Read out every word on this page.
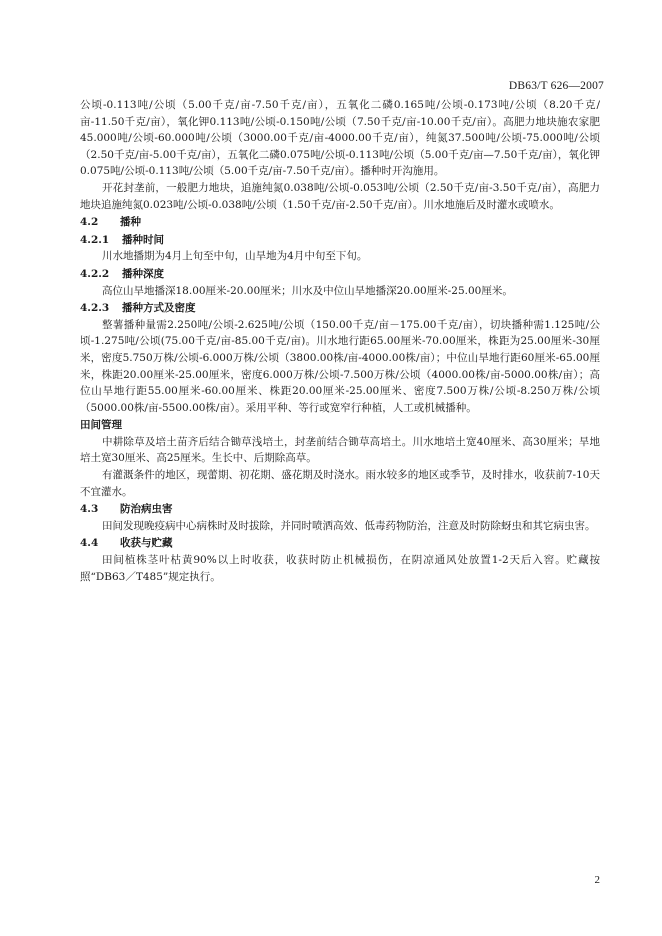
DB63/T 626—2007

公顷-0.113吨/公顷（5.00千克/亩-7.50千克/亩），五氧化二磷0.165吨/公顷-0.173吨/公顷（8.20千克/亩-11.50千克/亩），氧化钾0.113吨/公顷-0.150吨/公顷（7.50千克/亩-10.00千克/亩）。高肥力地块施农家肥45.000吨/公顷-60.000吨/公顷（3000.00千克/亩-4000.00千克/亩），纯氮37.500吨/公顷-75.000吨/公顷（2.50千克/亩-5.00千克/亩），五氧化二磷0.075吨/公顷-0.113吨/公顷（5.00千克/亩—7.50千克/亩），氧化钾0.075吨/公顷-0.113吨/公顷（5.00千克/亩-7.50千克/亩）。播种时开沟施用。

开花封垄前，一般肥力地块，追施纯氮0.038吨/公顷-0.053吨/公顷（2.50千克/亩-3.50千克/亩），高肥力地块追施纯氮0.023吨/公顷-0.038吨/公顷（1.50千克/亩-2.50千克/亩）。川水地施后及时灌水或喷水。

4.2 播种
4.2.1 播种时间

川水地播期为4月上旬至中旬，山旱地为4月中旬至下旬。

4.2.2 播种深度

高位山旱地播深18.00厘米-20.00厘米；川水及中位山旱地播深20.00厘米-25.00厘米。

4.2.3 播种方式及密度

整薯播种量需2.250吨/公顷-2.625吨/公顷（150.00千克/亩－175.00千克/亩），切块播种需1.125吨/公顷-1.275吨/公顷(75.00千克/亩-85.00千克/亩)。川水地行距65.00厘米-70.00厘米，株距为25.00厘米-30厘米，密度5.750万株/公顷-6.000万株/公顷（3800.00株/亩-4000.00株/亩）；中位山旱地行距60厘米-65.00厘米，株距20.00厘米-25.00厘米，密度6.000万株/公顷-7.500万株/公顷（4000.00株/亩-5000.00株/亩）；高位山旱地行距55.00厘米-60.00厘米、株距20.00厘米-25.00厘米、密度7.500万株/公顷-8.250万株/公顷（5000.00株/亩-5500.00株/亩）。采用平种、等行或宽窄行种植，人工或机械播种。

田间管理

中耕除草及培土苗齐后结合锄草浅培土，封垄前结合锄草高培土。川水地培土宽40厘米、高30厘米；旱地培土宽30厘米、高25厘米。生长中、后期除高草。

有灌溉条件的地区，现蕾期、初花期、盛花期及时浇水。雨水较多的地区或季节，及时排水，收获前7-10天不宜灌水。

4.3 防治病虫害

田间发现晚疫病中心病株时及时拔除，并同时喷洒高效、低毒药物防治，注意及时防除蚜虫和其它病虫害。

4.4 收获与贮藏

田间植株茎叶枯黄90%以上时收获，收获时防止机械损伤，在阴凉通风处放置1-2天后入窖。贮藏按照“DB63／T485”规定执行。

2
